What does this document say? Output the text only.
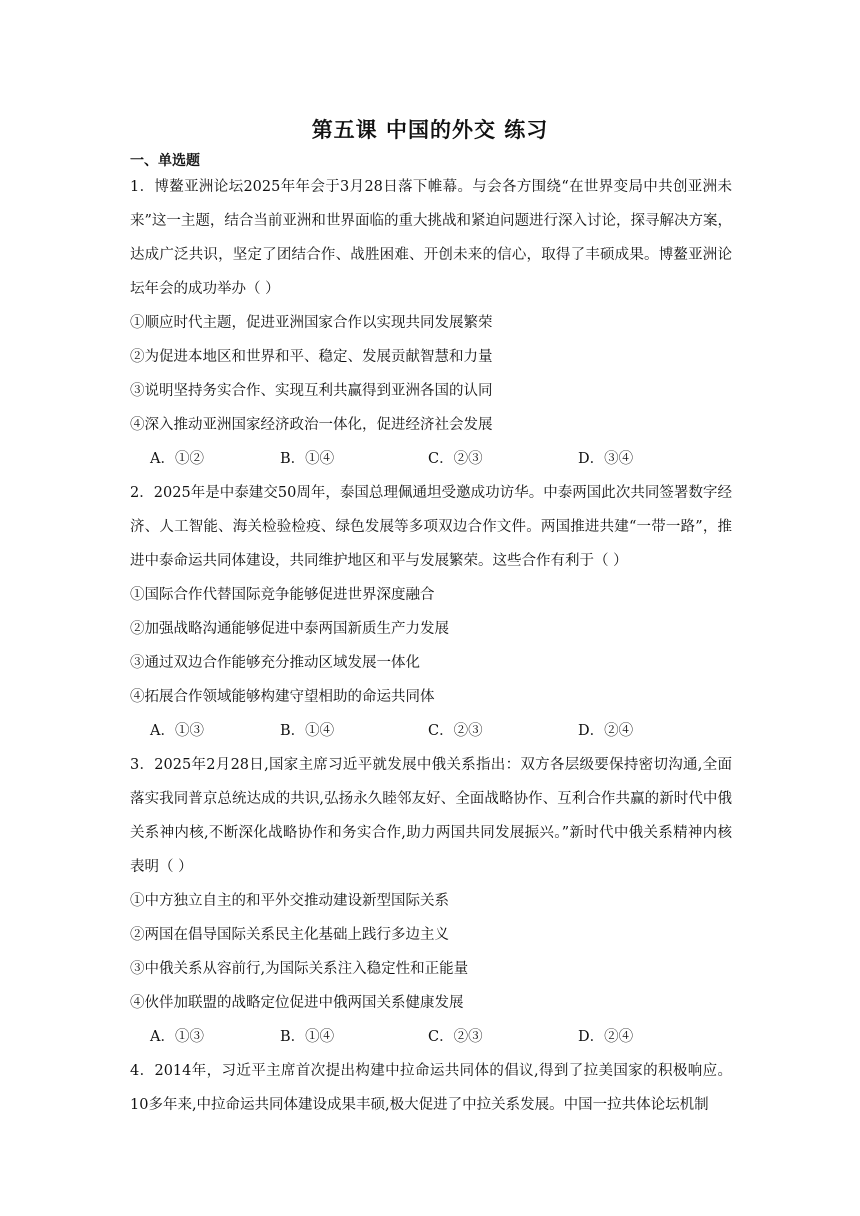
第五课 中国的外交 练习
一、单选题
1．博鳌亚洲论坛2025年年会于3月28日落下帷幕。与会各方围绕“在世界变局中共创亚洲未来”这一主题，结合当前亚洲和世界面临的重大挑战和紧迫问题进行深入讨论，探寻解决方案，达成广泛共识，坚定了团结合作、战胜困难、开创未来的信心，取得了丰硕成果。博鳌亚洲论坛年会的成功举办（ ）
①顺应时代主题，促进亚洲国家合作以实现共同发展繁荣
②为促进本地区和世界和平、稳定、发展贡献智慧和力量
③说明坚持务实合作、实现互利共赢得到亚洲各国的认同
④深入推动亚洲国家经济政治一体化，促进经济社会发展
A．①②	B．①④	C．②③	D．③④
2．2025年是中泰建交50周年，泰国总理佩通坦受邀成功访华。中泰两国此次共同签署数字经济、人工智能、海关检验检疫、绿色发展等多项双边合作文件。两国推进共建“一带一路”，推进中泰命运共同体建设，共同维护地区和平与发展繁荣。这些合作有利于（ ）
①国际合作代替国际竞争能够促进世界深度融合
②加强战略沟通能够促进中泰两国新质生产力发展
③通过双边合作能够充分推动区域发展一体化
④拓展合作领域能够构建守望相助的命运共同体
A．①③	B．①④	C．②③	D．②④
3．2025年2月28日,国家主席习近平就发展中俄关系指出：双方各层级要保持密切沟通,全面落实我同普京总统达成的共识,弘扬永久睦邻友好、全面战略协作、互利合作共赢的新时代中俄关系神内核,不断深化战略协作和务实合作,助力两国共同发展振兴。”新时代中俄关系精神内核表明（ ）
①中方独立自主的和平外交推动建设新型国际关系
②两国在倡导国际关系民主化基础上践行多边主义
③中俄关系从容前行,为国际关系注入稳定性和正能量
④伙伴加联盟的战略定位促进中俄两国关系健康发展
A．①③	B．①④	C．②③	D．②④
4．2014年，习近平主席首次提出构建中拉命运共同体的倡议,得到了拉美国家的积极响应。10多年来,中拉命运共同体建设成果丰硕,极大促进了中拉关系发展。中国一拉共体论坛机制
